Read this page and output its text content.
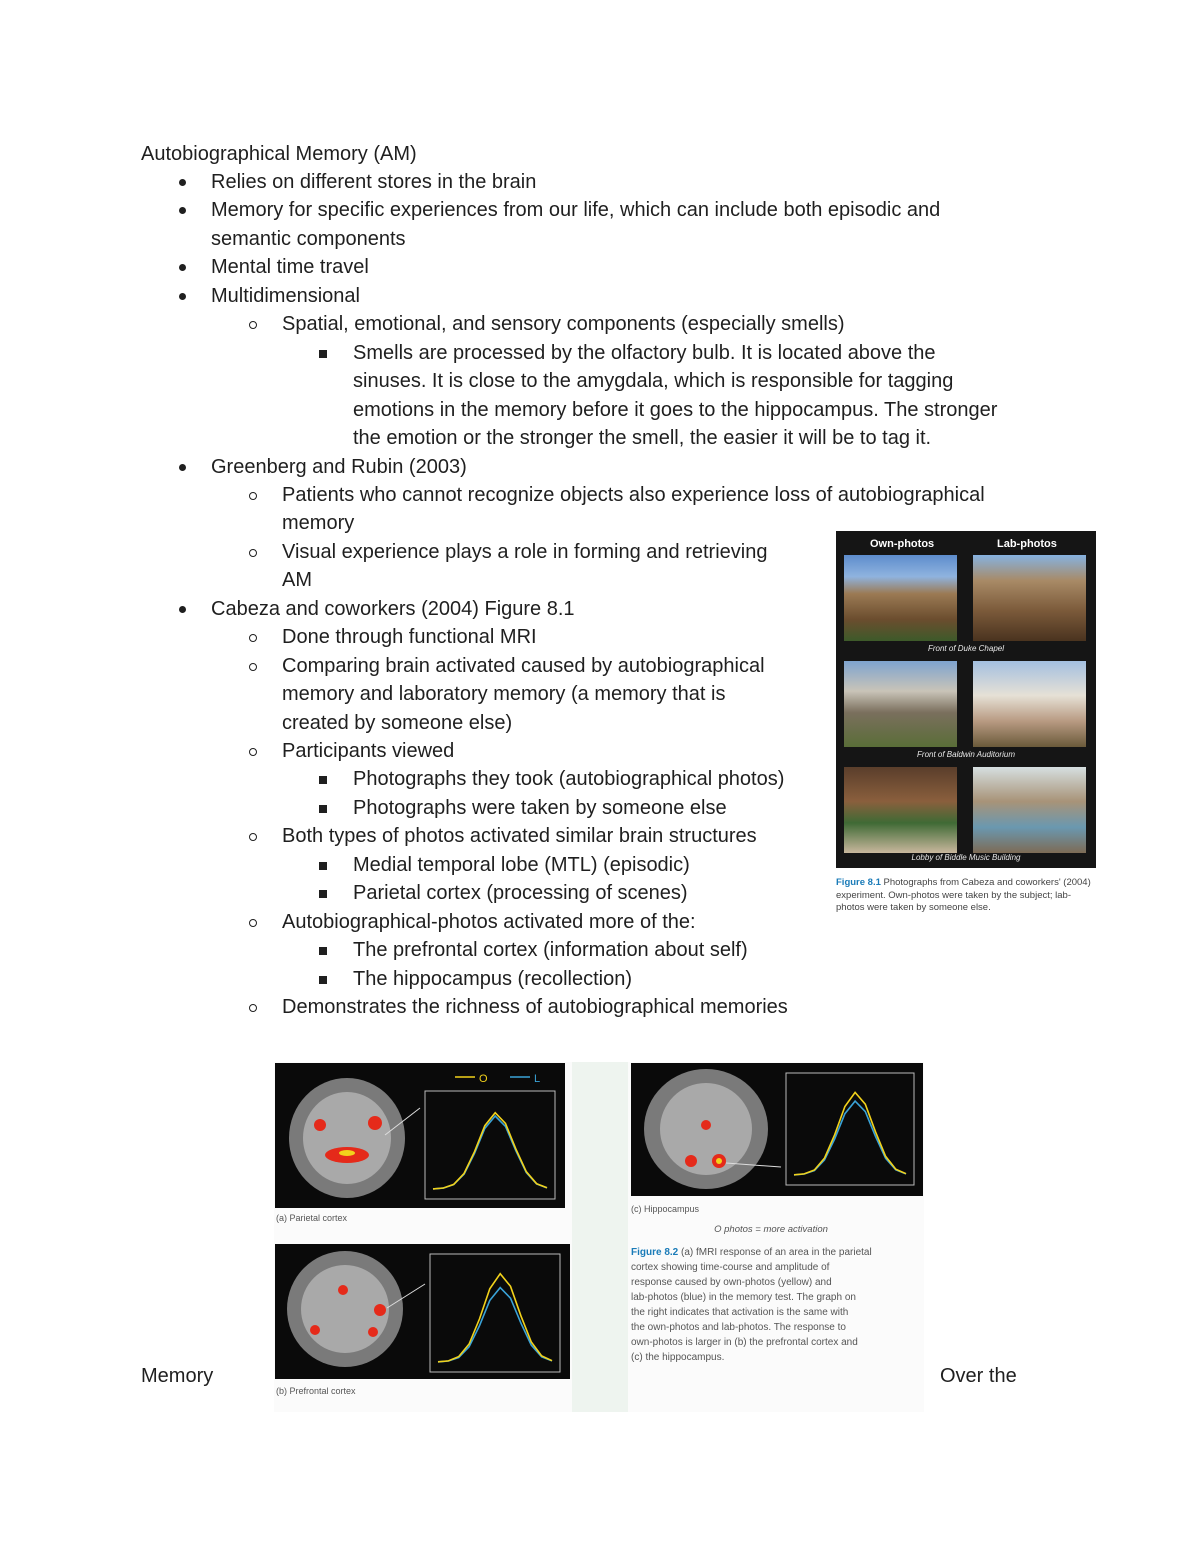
Autobiographical Memory (AM)
Relies on different stores in the brain
Memory for specific experiences from our life, which can include both episodic and
semantic components
Mental time travel
Multidimensional
Spatial, emotional, and sensory components (especially smells)
Smells are processed by the olfactory bulb. It is located above the
sinuses. It is close to the amygdala, which is responsible for tagging
emotions in the memory before it goes to the hippocampus. The stronger
the emotion or the stronger the smell, the easier it will be to tag it.
Greenberg and Rubin (2003)
Patients who cannot recognize objects also experience loss of autobiographical
memory
Visual experience plays a role in forming and retrieving
AM
Cabeza and coworkers (2004) Figure 8.1
Done through functional MRI
Comparing brain activated caused by autobiographical
memory and laboratory memory (a memory that is
created by someone else)
Participants viewed
Photographs they took (autobiographical photos)
Photographs were taken by someone else
Both types of photos activated similar brain structures
Medial temporal lobe (MTL) (episodic)
Parietal cortex (processing of scenes)
Autobiographical-photos activated more of the:
The prefrontal cortex (information about self)
The hippocampus (recollection)
Demonstrates the richness of autobiographical memories
Own-photos	Lab-photos
Front of Duke Chapel
Front of Baldwin Auditorium
Lobby of Biddle Music Building
Figure 8.1 Photographs from Cabeza and coworkers' (2004) experiment. Own-photos were taken by the subject; lab-photos were taken by someone else.
O	L
(a) Parietal cortex
(b) Prefrontal cortex
(c) Hippocampus
O photos = more activation
Figure 8.2 (a) fMRI response of an area in the parietal
cortex showing time-course and amplitude of
response caused by own-photos (yellow) and
lab-photos (blue) in the memory test. The graph on
the right indicates that activation is the same with
the own-photos and lab-photos. The response to
own-photos is larger in (b) the prefrontal cortex and
(c) the hippocampus.
Memory	Over the
